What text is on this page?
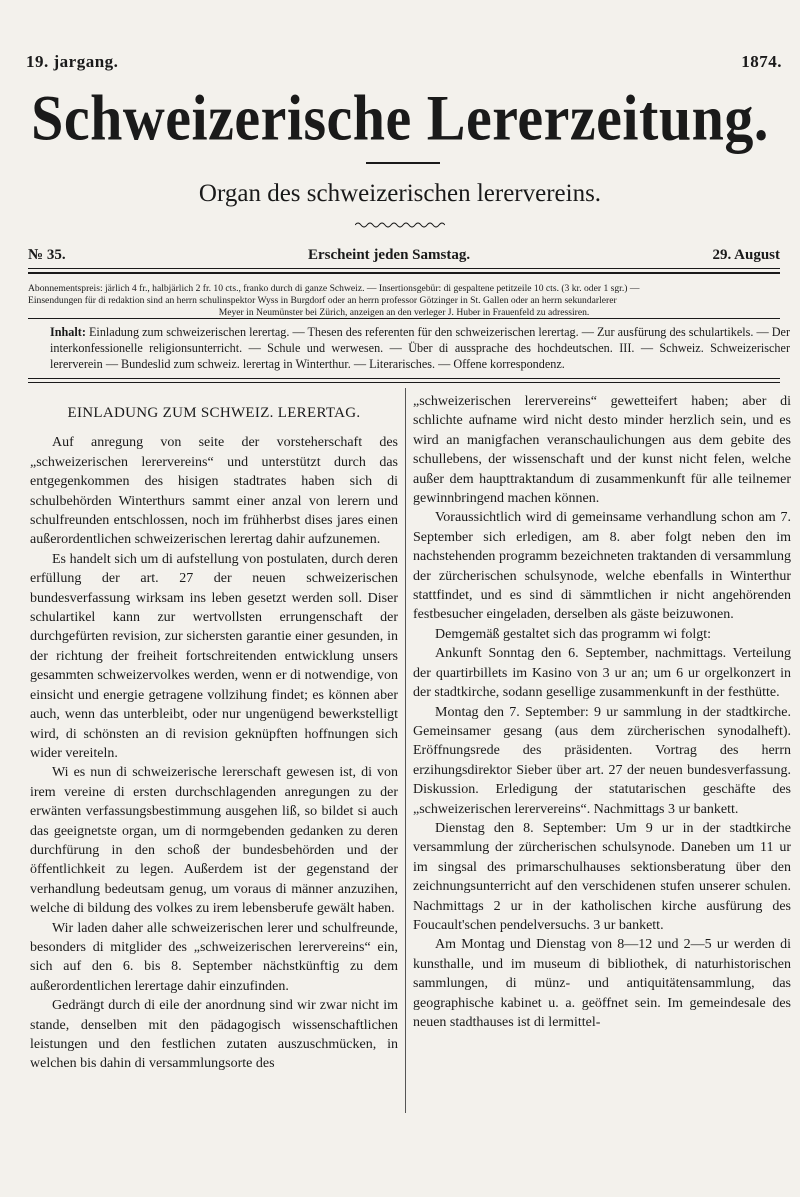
19. jargang.	1874.
Schweizerische Lererzeitung.
Organ des schweizerischen lerervereins.
№ 35.	Erscheint jeden Samstag.	29. August
Abonnementspreis: järlich 4 fr., halbjärlich 2 fr. 10 cts., franko durch di ganze Schweiz. — Insertionsgebür: di gespaltene petitzeile 10 cts. (3 kr. oder 1 sgr.) —
Einsendungen für di redaktion sind an herrn schulinspektor Wyss in Burgdorf oder an herrn professor Götzinger in St. Gallen oder an herrn sekundarlerer
Meyer in Neumünster bei Zürich, anzeigen an den verleger J. Huber in Frauenfeld zu adressiren.
Inhalt: Einladung zum schweizerischen lerertag. — Thesen des referenten für den schweizerischen lerertag. — Zur ausfürung des schulartikels. — Der interkonfessionelle religionsunterricht. — Schule und werwesen. — Über di aussprache des hochdeutschen. III. — Schweiz. Schweizerischer lererverein — Bundeslid zum schweiz. lerertag in Winterthur. — Literarisches. — Offene korrespondenz.
EINLADUNG ZUM SCHWEIZ. LERERTAG.

Auf anregung von seite der vorsteherschaft des „schweizerischen lerervereins“ und unterstützt durch das entgegenkommen des hisigen stadtrates haben sich di schulbehörden Winterthurs sammt einer anzal von lerern und schulfreunden entschlossen, noch im frühherbst dises jares einen außerordentlichen schweizerischen lerertag dahir aufzunemen.

Es handelt sich um di aufstellung von postulaten, durch deren erfüllung der art. 27 der neuen schweizerischen bundesverfassung wirksam ins leben gesetzt werden soll. Diser schulartikel kann zur wertvollsten errungenschaft der durchgefürten revision, zur sichersten garantie einer gesunden, in der richtung der freiheit fortschreitenden entwicklung unsers gesammten schweizervolkes werden, wenn er di notwendige, von einsicht und energie getragene vollzihung findet; es können aber auch, wenn das unterbleibt, oder nur ungenügend bewerkstelligt wird, di schönsten an di revision geknüpften hoffnungen sich wider vereiteln.

Wi es nun di schweizerische lererschaft gewesen ist, di von irem vereine di ersten durchschlagenden anregungen zu der erwänten verfassungsbestimmung ausgehen liß, so bildet si auch das geeignetste organ, um di normgebenden gedanken zu deren durchfürung in den schoß der bundesbehörden und der öffentlichkeit zu legen. Außerdem ist der gegenstand der verhandlung bedeutsam genug, um voraus di männer anzuzihen, welche di bildung des volkes zu irem lebensberufe gewält haben.

Wir laden daher alle schweizerischen lerer und schulfreunde, besonders di mitglider des „schweizerischen lerervereins“ ein, sich auf den 6. bis 8. September nächstkünftig zu dem außerordentlichen lerertage dahir einzufinden.

Gedrängt durch di eile der anordnung sind wir zwar nicht im stande, denselben mit den pädagogisch wissenschaftlichen leistungen und den festlichen zutaten auszuschmücken, in welchen bis dahin di versammlungsorte des

„schweizerischen lerervereins“ gewetteifert haben; aber di schlichte aufname wird nicht desto minder herzlich sein, und es wird an manigfachen veranschaulichungen aus dem gebite des schullebens, der wissenschaft und der kunst nicht felen, welche außer dem haupttraktandum di zusammenkunft für alle teilnemer gewinnbringend machen können.

Voraussichtlich wird di gemeinsame verhandlung schon am 7. September sich erledigen, am 8. aber folgt neben den im nachstehenden programm bezeichneten traktanden di versammlung der zürcherischen schulsynode, welche ebenfalls in Winterthur stattfindet, und es sind di sämmtlichen ir nicht angehörenden festbesucher eingeladen, derselben als gäste beizuwonen.

Demgemäß gestaltet sich das programm wi folgt:

Ankunft Sonntag den 6. September, nachmittags. Verteilung der quartirbillets im Kasino von 3 ur an; um 6 ur orgelkonzert in der stadtkirche, sodann gesellige zusammenkunft in der festhütte.

Montag den 7. September: 9 ur sammlung in der stadtkirche. Gemeinsamer gesang (aus dem zürcherischen synodalheft). Eröffnungsrede des präsidenten. Vortrag des herrn erzihungsdirektor Sieber über art. 27 der neuen bundesverfassung. Diskussion. Erledigung der statutarischen geschäfte des „schweizerischen lerervereins“. Nachmittags 3 ur bankett.

Dienstag den 8. September: Um 9 ur in der stadtkirche versammlung der zürcherischen schulsynode. Daneben um 11 ur im singsal des primarschulhauses sektionsberatung über den zeichnungsunterricht auf den verschidenen stufen unserer schulen. Nachmittags 2 ur in der katholischen kirche ausfürung des Foucault'schen pendelversuchs. 3 ur bankett.

Am Montag und Dienstag von 8—12 und 2—5 ur werden di kunsthalle, und im museum di bibliothek, di naturhistorischen sammlungen, di münz- und antiquitätensammlung, das geographische kabinet u. a. geöffnet sein. Im gemeindesale des neuen stadthauses ist di lermittel-
